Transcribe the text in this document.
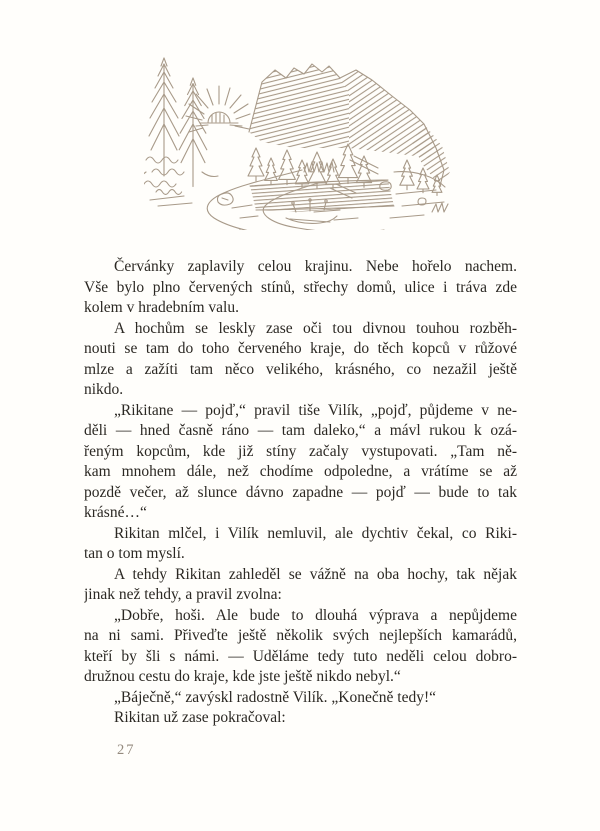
Červánky zaplavily celou krajinu. Nebe hořelo nachem.
Vše bylo plno červených stínů, střechy domů, ulice i tráva zde
kolem v hradebním valu.
A hochům se leskly zase oči tou divnou touhou rozběh-
nouti se tam do toho červeného kraje, do těch kopců v růžové
mlze a zažíti tam něco velikého, krásného, co nezažil ještě
nikdo.
„Rikitane — pojď,“ pravil tiše Vilík, „pojď, půjdeme v ne-
děli — hned časně ráno — tam daleko,“ a mávl rukou k ozá-
řeným kopcům, kde již stíny začaly vystupovati. „Tam ně-
kam mnohem dále, než chodíme odpoledne, a vrátíme se až
pozdě večer, až slunce dávno zapadne — pojď — bude to tak
krásné…“
Rikitan mlčel, i Vilík nemluvil, ale dychtiv čekal, co Riki-
tan o tom myslí.
A tehdy Rikitan zahleděl se vážně na oba hochy, tak nějak
jinak než tehdy, a pravil zvolna:
„Dobře, hoši. Ale bude to dlouhá výprava a nepůjdeme
na ni sami. Přiveďte ještě několik svých nejlepších kamarádů,
kteří by šli s námi. — Uděláme tedy tuto neděli celou dobro-
družnou cestu do kraje, kde jste ještě nikdo nebyl.“
„Báječně,“ zavýskl radostně Vilík. „Konečně tedy!“
Rikitan už zase pokračoval:
27
